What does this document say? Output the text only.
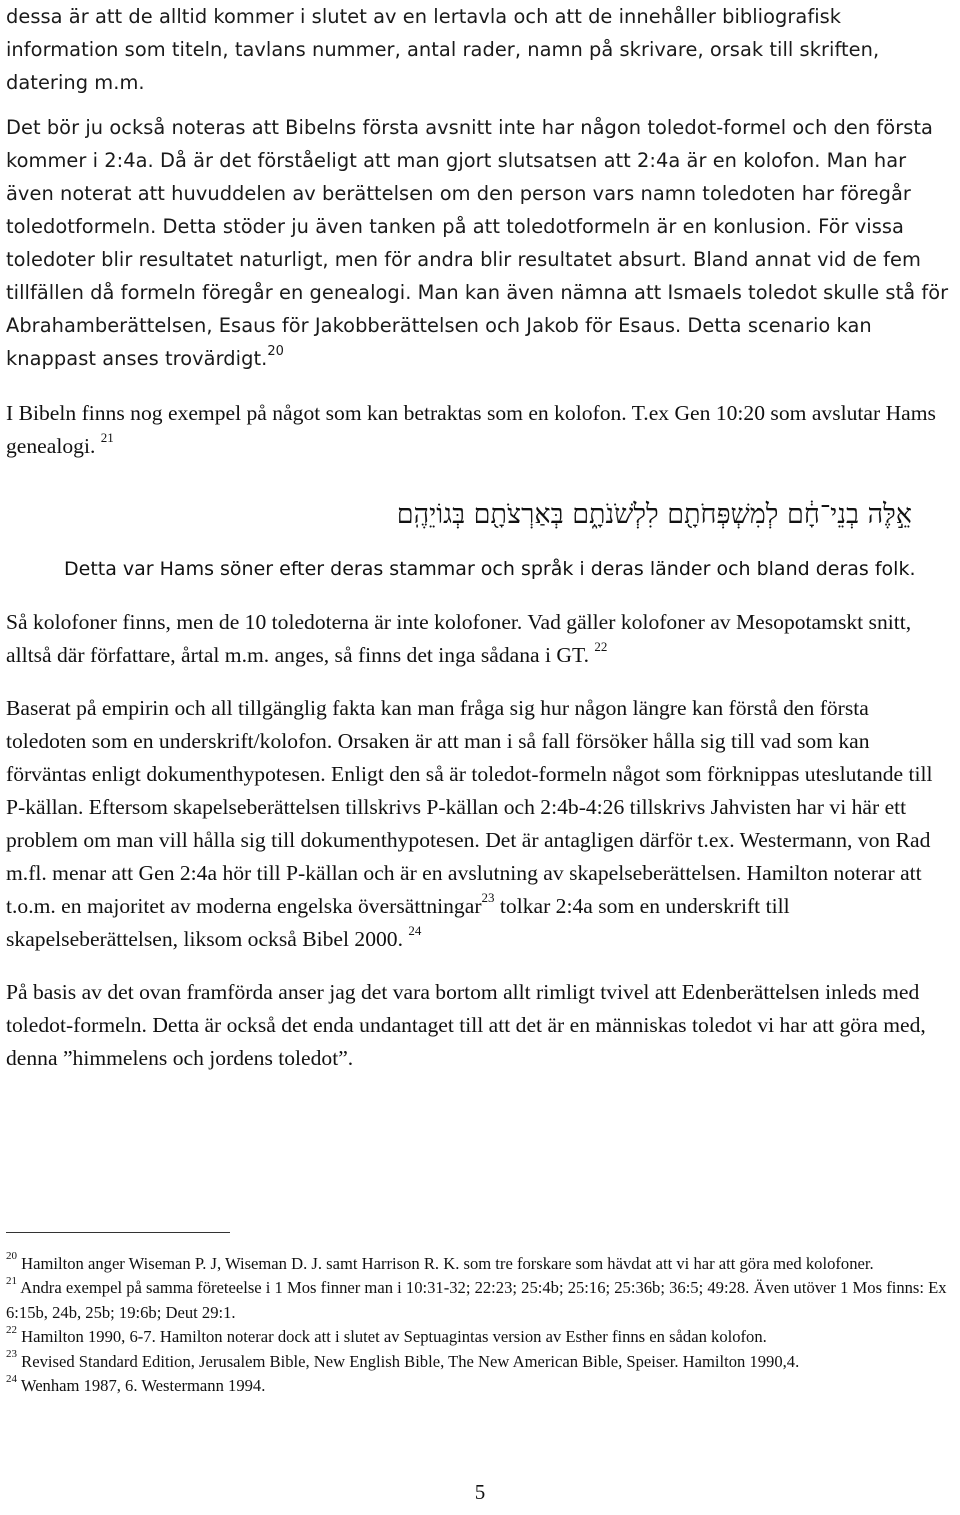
dessa är att de alltid kommer i slutet av en lertavla och att de innehåller bibliografisk information som titeln, tavlans nummer, antal rader, namn på skrivare, orsak till skriften, datering m.m.

Det bör ju också noteras att Bibelns första avsnitt inte har någon toledot-formel och den första kommer i 2:4a. Då är det förståeligt att man gjort slutsatsen att 2:4a är en kolofon. Man har även noterat att huvuddelen av berättelsen om den person vars namn toledoten har föregår toledotformeln. Detta stöder ju även tanken på att toledotformeln är en konlusion. För vissa toledoter blir resultatet naturligt, men för andra blir resultatet absurt. Bland annat vid de fem tillfällen då formeln föregår en genealogi. Man kan även nämna att Ismaels toledot skulle stå för Abrahamberättelsen, Esaus för Jakobberättelsen och Jakob för Esaus. Detta scenario kan knappast anses trovärdigt.$^{20}$

I Bibeln finns nog exempel på något som kan betraktas som en kolofon. T.ex Gen 10:20 som avslutar Hams genealogi. $^{21}$

אֵ֣לֶּה בְנֵי־חָ֔ם לְמִשְׁפְּחֹתָ֖ם לִלְשֹׁנֹתָ֑ם בְּאַרְצֹתָ֖ם בְּגוֹיֵהֶֽם

Detta var Hams söner efter deras stammar och språk i deras länder och bland deras folk.

Så kolofoner finns, men de 10 toledoterna är inte kolofoner. Vad gäller kolofoner av Mesopotamskt snitt, alltså där författare, årtal m.m. anges, så finns det inga sådana i GT. $^{22}$

Baserat på empirin och all tillgänglig fakta kan man fråga sig hur någon längre kan förstå den första toledoten som en underskrift/kolofon. Orsaken är att man i så fall försöker hålla sig till vad som kan förväntas enligt dokumenthypotesen. Enligt den så är toledot-formeln något som förknippas uteslutande till P-källan. Eftersom skapelseberättelsen tillskrivs P-källan och 2:4b-4:26 tillskrivs Jahvisten har vi här ett problem om man vill hålla sig till dokumenthypotesen. Det är antagligen därför t.ex. Westermann, von Rad m.fl. menar att Gen 2:4a hör till P-källan och är en avslutning av skapelseberättelsen. Hamilton noterar att t.o.m. en majoritet av moderna engelska översättningar$^{23}$ tolkar 2:4a som en underskrift till skapelseberättelsen, liksom också Bibel 2000. $^{24}$

På basis av det ovan framförda anser jag det vara bortom allt rimligt tvivel att Edenberättelsen inleds med toledot-formeln. Detta är också det enda undantaget till att det är en människas toledot vi har att göra med, denna ”himmelens och jordens toledot”.

$^{20}$ Hamilton anger Wiseman P. J, Wiseman D. J. samt Harrison R. K. som tre forskare som hävdat att vi har att göra med kolofoner.

$^{21}$ Andra exempel på samma företeelse i 1 Mos finner man i 10:31-32; 22:23; 25:4b; 25:16; 25:36b; 36:5; 49:28. Även utöver 1 Mos finns: Ex 6:15b, 24b, 25b; 19:6b; Deut 29:1.

$^{22}$ Hamilton 1990, 6-7. Hamilton noterar dock att i slutet av Septuagintas version av Esther finns en sådan kolofon.

$^{23}$ Revised Standard Edition, Jerusalem Bible, New English Bible, The New American Bible, Speiser. Hamilton 1990,4.

$^{24}$ Wenham 1987, 6. Westermann 1994.

5
